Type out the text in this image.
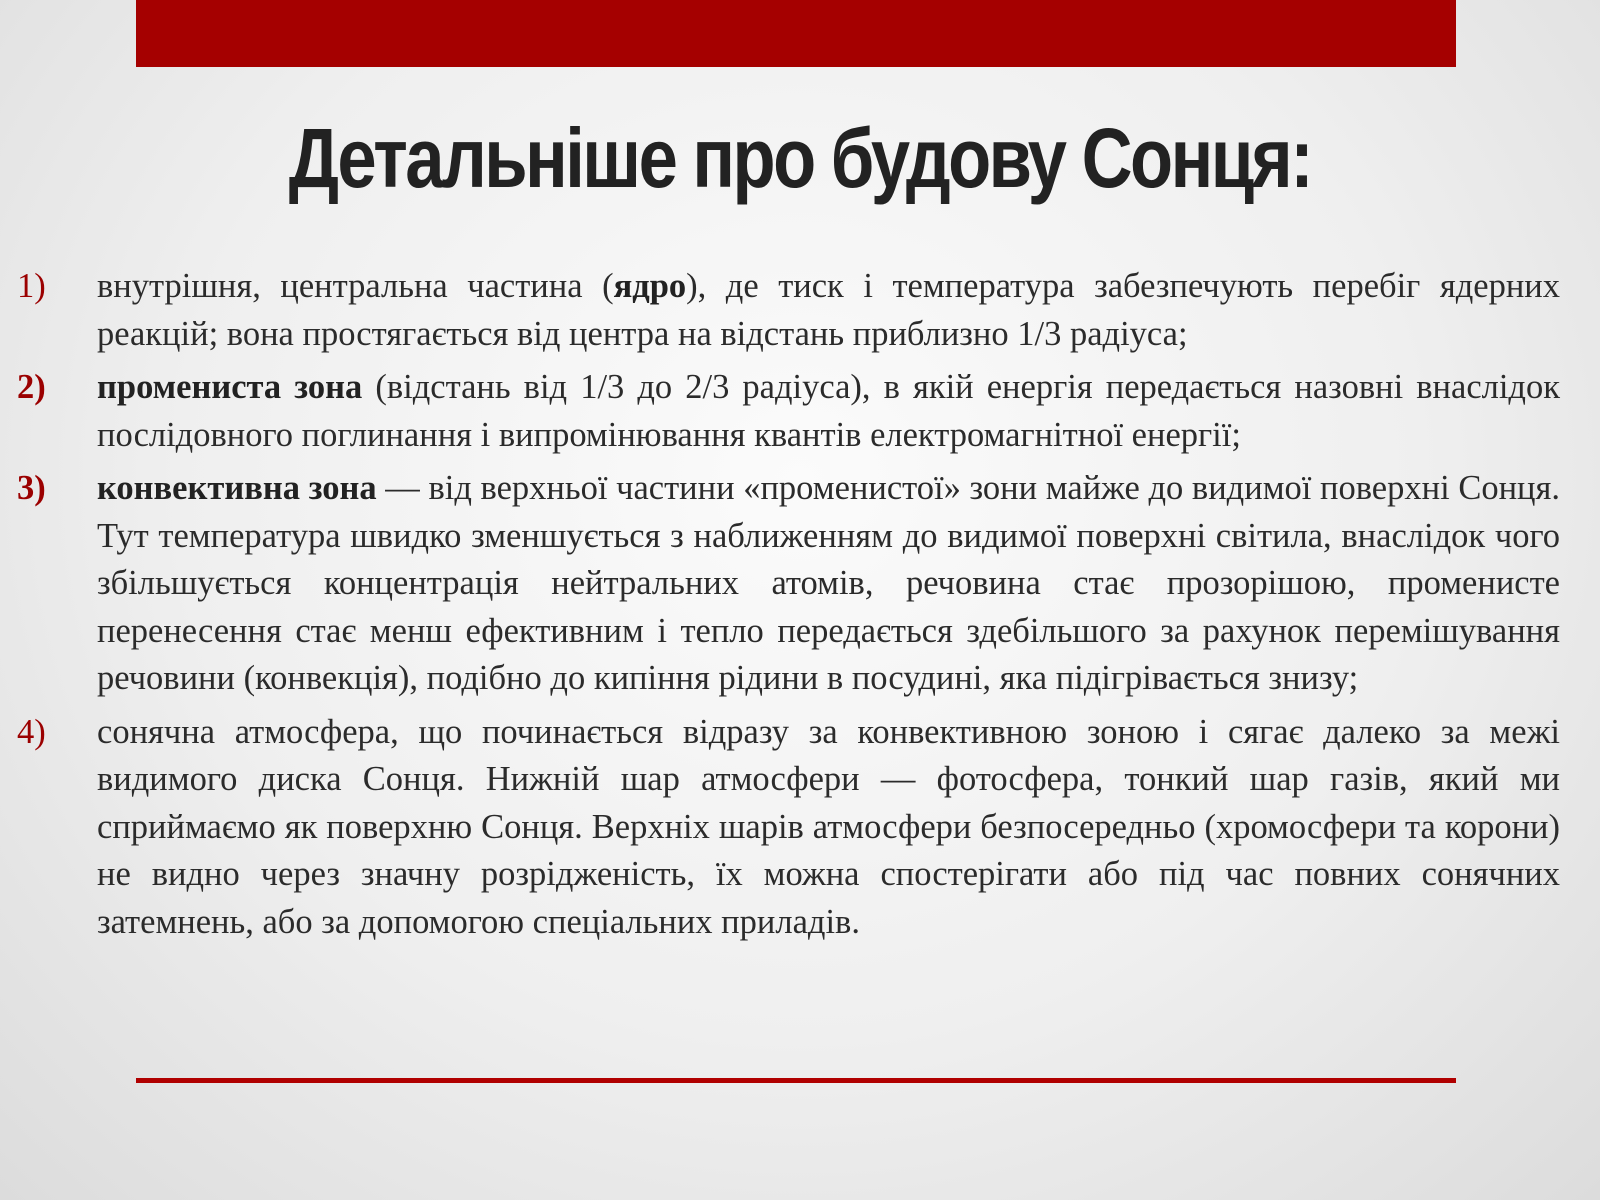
Детальніше про будову Сонця:
1) внутрішня, центральна частина (ядро), де тиск і температура забезпечують перебіг ядерних реакцій; вона простягається від центра на відстань приблизно 1/3 радіуса;
2) промениста зона (відстань від 1/3 до 2/3 радіуса), в якій енергія передається назовні внаслідок послідовного поглинання і випромінювання квантів електромагнітної енергії;
3) конвективна зона — від верхньої частини «променистої» зони майже до видимої поверхні Сонця. Тут температура швидко зменшується з наближенням до видимої поверхні світила, внаслідок чого збільшується концентрація нейтральних атомів, речовина стає прозорішою, променисте перенесення стає менш ефективним і тепло передається здебільшого за рахунок перемішування речовини (конвекція), подібно до кипіння рідини в посудині, яка підігрівається знизу;
4) сонячна атмосфера, що починається відразу за конвективною зоною і сягає далеко за межі видимого диска Сонця. Нижній шар атмосфери — фотосфера, тонкий шар газів, який ми сприймаємо як поверхню Сонця. Верхніх шарів атмосфери безпосередньо (хромосфери та корони) не видно через значну розрідженість, їх можна спостерігати або під час повних сонячних затемнень, або за допомогою спеціальних приладів.
